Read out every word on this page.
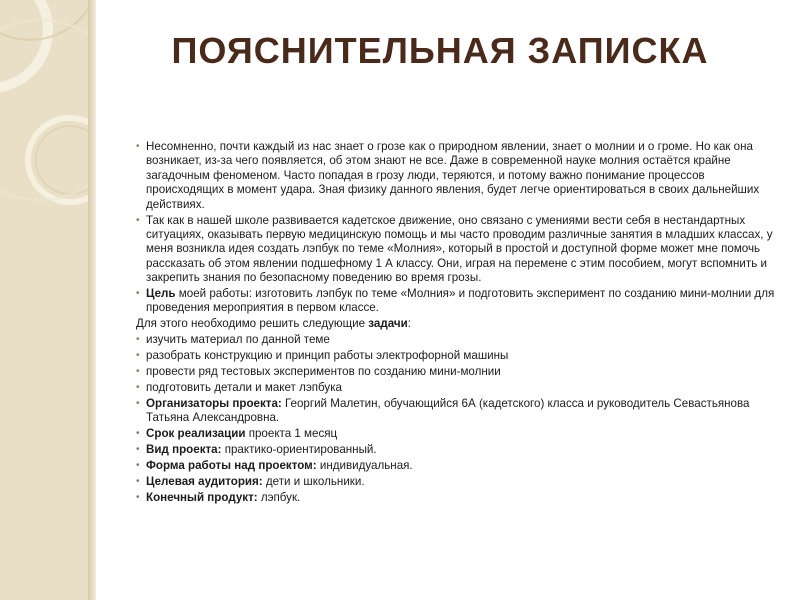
ПОЯСНИТЕЛЬНАЯ ЗАПИСКА

• Несомненно, почти каждый из нас знает о грозе как о природном явлении, знает о молнии и о громе. Но как она возникает, из-за чего появляется, об этом знают не все. Даже в современной науке молния остаётся крайне загадочным феноменом. Часто попадая в грозу люди, теряются, и потому важно понимание процессов происходящих в момент удара. Зная физику данного явления, будет легче ориентироваться в своих дальнейших действиях.

• Так как в нашей школе развивается кадетское движение, оно связано с умениями вести себя в нестандартных ситуациях, оказывать первую медицинскую помощь и мы часто проводим различные занятия в младших классах, у меня возникла идея создать лэпбук по теме «Молния», который в простой и доступной форме может мне помочь рассказать об этом явлении подшефному 1 А классу. Они, играя на перемене с этим пособием, могут вспомнить и закрепить знания по безопасному поведению во время грозы.

• Цель моей работы: изготовить лэпбук по теме «Молния» и подготовить эксперимент по созданию мини-молнии для проведения мероприятия в первом классе.

Для этого необходимо решить следующие задачи:

• изучить материал по данной теме

• разобрать конструкцию и принцип работы электрофорной машины

• провести ряд тестовых экспериментов по созданию мини-молнии

• подготовить детали и макет лэпбука

• Организаторы проекта: Георгий Малетин, обучающийся 6А (кадетского) класса и руководитель Севастьянова Татьяна Александровна.

• Срок реализации проекта 1 месяц

• Вид проекта: практико-ориентированный.

• Форма работы над проектом: индивидуальная.

• Целевая аудитория: дети и школьники.

• Конечный продукт: лэпбук.
